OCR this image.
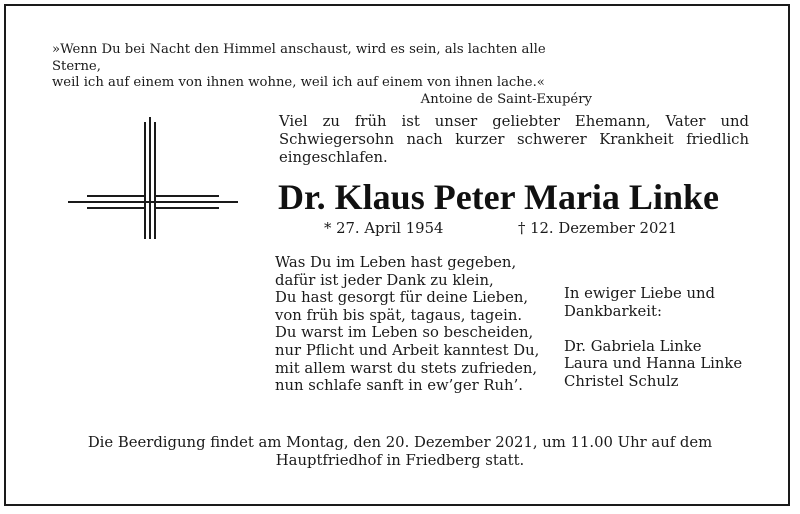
»Wenn Du bei Nacht den Himmel anschaust, wird es sein, als lachten alle Sterne,
weil ich auf einem von ihnen wohne, weil ich auf einem von ihnen lache.«
Antoine de Saint-Exupéry
Viel zu früh ist unser geliebter Ehemann, Vater und Schwiegersohn nach kurzer schwerer Krankheit friedlich eingeschlafen.
Dr. Klaus Peter Maria Linke
* 27. April 1954	† 12. Dezember 2021
Was Du im Leben hast gegeben,
dafür ist jeder Dank zu klein,
Du hast gesorgt für deine Lieben,
von früh bis spät, tagaus, tagein.
Du warst im Leben so bescheiden,
nur Pflicht und Arbeit kanntest Du,
mit allem warst du stets zufrieden,
nun schlafe sanft in ew’ger Ruh’.
In ewiger Liebe und
Dankbarkeit:
Dr. Gabriela Linke
Laura und Hanna Linke
Christel Schulz
Die Beerdigung findet am Montag, den 20. Dezember 2021, um 11.00 Uhr auf dem
Hauptfriedhof in Friedberg statt.
